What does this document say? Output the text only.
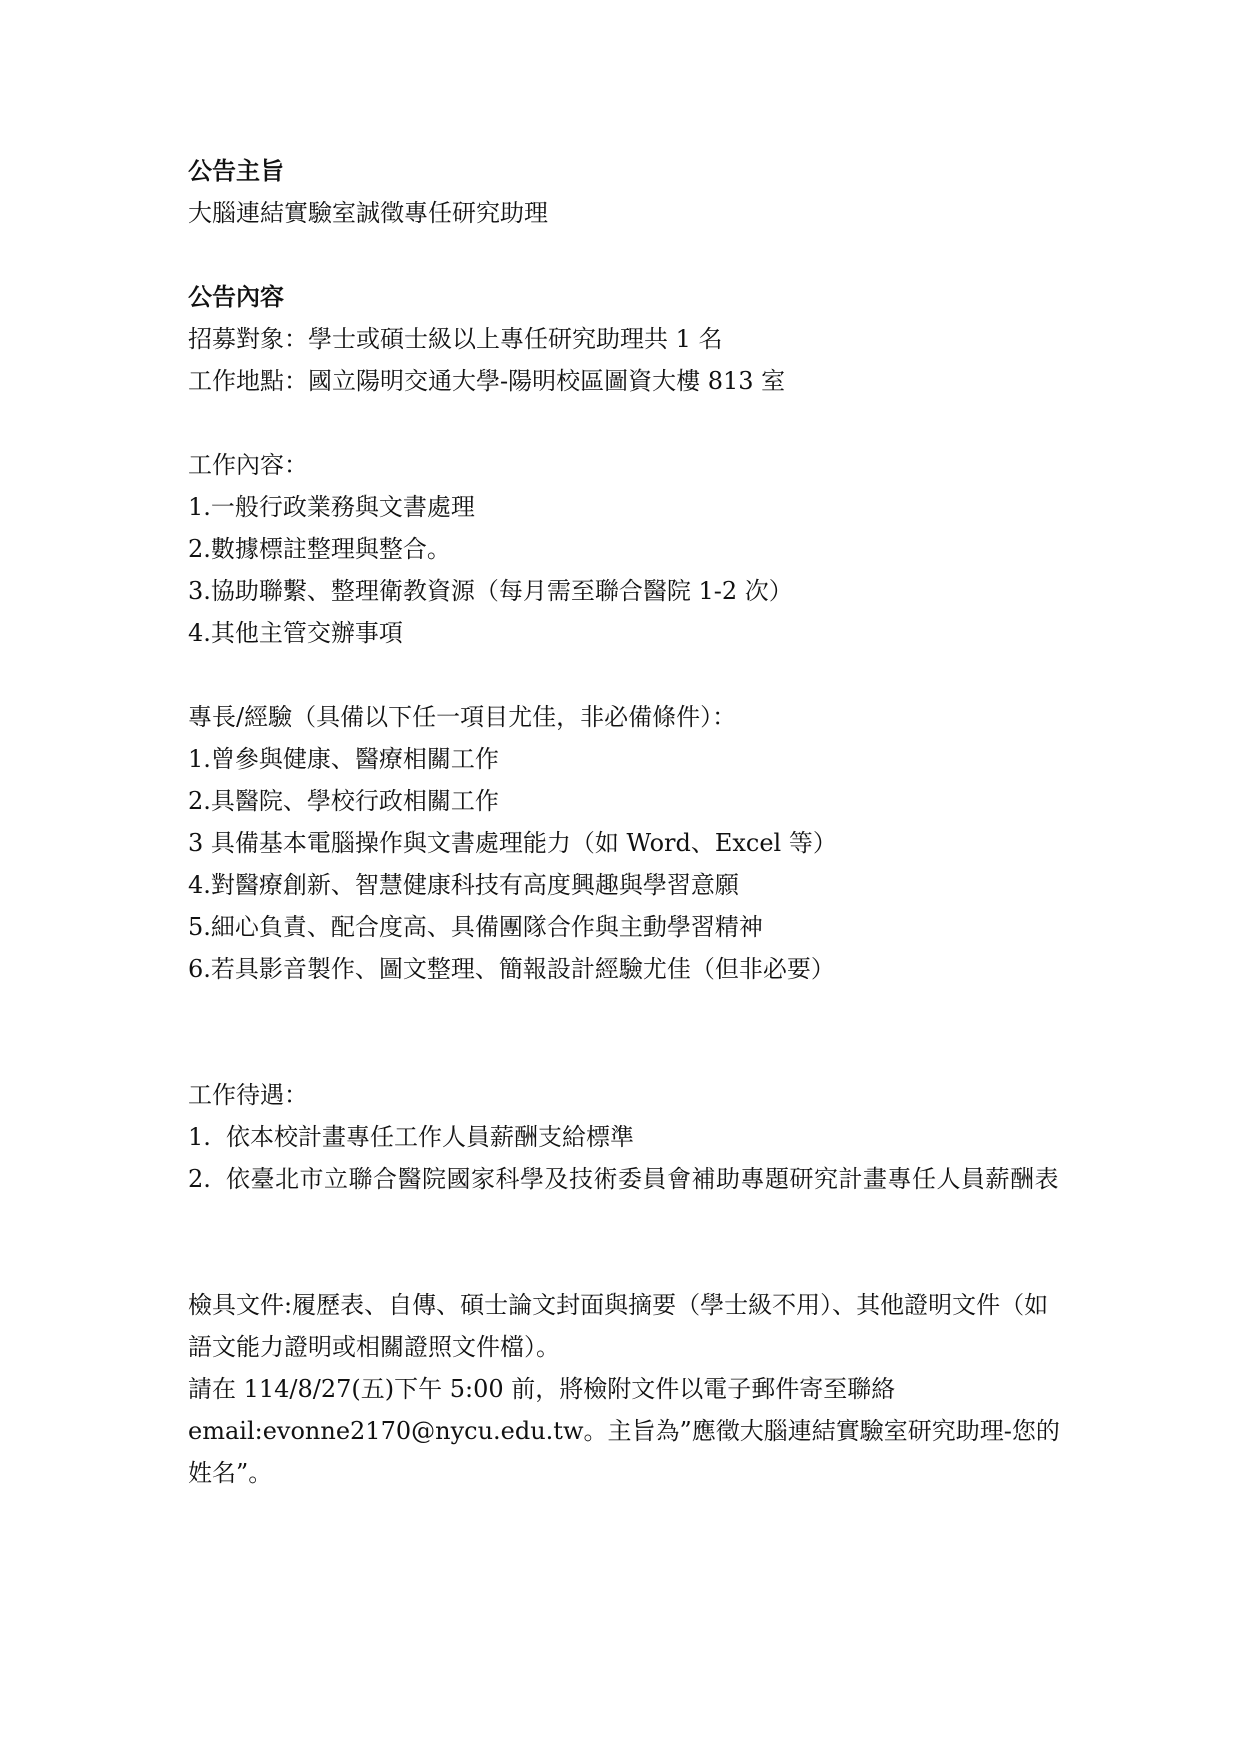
公告主旨
大腦連結實驗室誠徵專任研究助理
公告內容
招募對象：學士或碩士級以上專任研究助理共 1 名
工作地點：國立陽明交通大學-陽明校區圖資大樓 813 室
工作內容：
1.一般行政業務與文書處理
2.數據標註整理與整合。
3.協助聯繫、整理衛教資源（每月需至聯合醫院 1-2 次）
4.其他主管交辦事項
專長/經驗（具備以下任一項目尤佳，非必備條件）：
1.曾參與健康、醫療相關工作
2.具醫院、學校行政相關工作
3 具備基本電腦操作與文書處理能力（如 Word、Excel 等）
4.對醫療創新、智慧健康科技有高度興趣與學習意願
5.細心負責、配合度高、具備團隊合作與主動學習精神
6.若具影音製作、圖文整理、簡報設計經驗尤佳（但非必要）
工作待遇：
1. 依本校計畫專任工作人員薪酬支給標準
2. 依臺北市立聯合醫院國家科學及技術委員會補助專題研究計畫專任人員薪酬表
檢具文件:履歷表、自傳、碩士論文封面與摘要（學士級不用）、其他證明文件（如語文能力證明或相關證照文件檔）。
請在 114/8/27(五)下午 5:00 前，將檢附文件以電子郵件寄至聯絡 email:evonne2170@nycu.edu.tw。主旨為”應徵大腦連結實驗室研究助理-您的姓名”。
